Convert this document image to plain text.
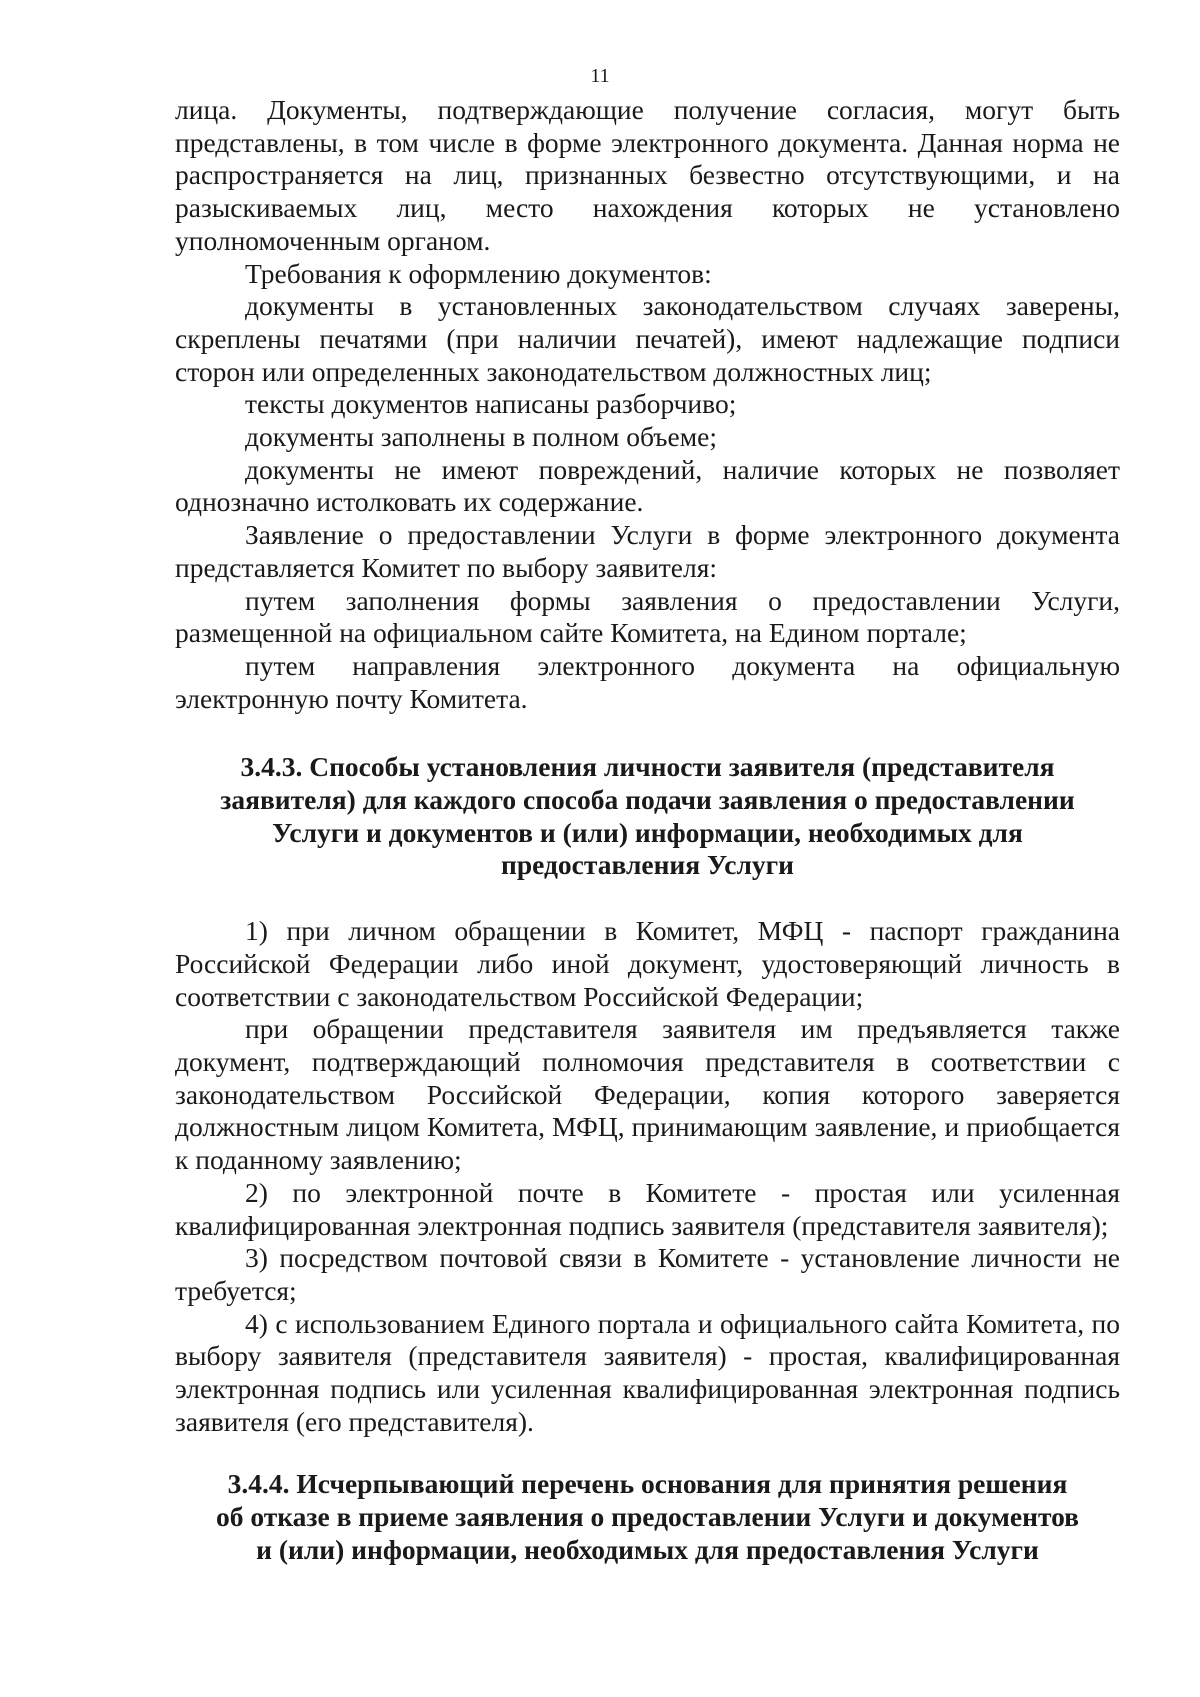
11

лица. Документы, подтверждающие получение согласия, могут быть представлены, в том числе в форме электронного документа. Данная норма не распространяется на лиц, признанных безвестно отсутствующими, и на разыскиваемых лиц, место нахождения которых не установлено уполномоченным органом.

Требования к оформлению документов:

документы в установленных законодательством случаях заверены, скреплены печатями (при наличии печатей), имеют надлежащие подписи сторон или определенных законодательством должностных лиц;

тексты документов написаны разборчиво;

документы заполнены в полном объеме;

документы не имеют повреждений, наличие которых не позволяет однозначно истолковать их содержание.

Заявление о предоставлении Услуги в форме электронного документа представляется Комитет по выбору заявителя:

путем заполнения формы заявления о предоставлении Услуги, размещенной на официальном сайте Комитета, на Едином портале;

путем направления электронного документа на официальную электронную почту Комитета.

3.4.3. Способы установления личности заявителя (представителя
заявителя) для каждого способа подачи заявления о предоставлении
Услуги и документов и (или) информации, необходимых для
предоставления Услуги

1) при личном обращении в Комитет, МФЦ - паспорт гражданина Российской Федерации либо иной документ, удостоверяющий личность в соответствии с законодательством Российской Федерации;

при обращении представителя заявителя им предъявляется также документ, подтверждающий полномочия представителя в соответствии с законодательством Российской Федерации, копия которого заверяется должностным лицом Комитета, МФЦ, принимающим заявление, и приобщается к поданному заявлению;

2) по электронной почте в Комитете - простая или усиленная квалифицированная электронная подпись заявителя (представителя заявителя);

3) посредством почтовой связи в Комитете - установление личности не требуется;

4) с использованием Единого портала и официального сайта Комитета, по выбору заявителя (представителя заявителя) - простая, квалифицированная электронная подпись или усиленная квалифицированная электронная подпись заявителя (его представителя).

3.4.4. Исчерпывающий перечень основания для принятия решения
об отказе в приеме заявления о предоставлении Услуги и документов
и (или) информации, необходимых для предоставления Услуги
